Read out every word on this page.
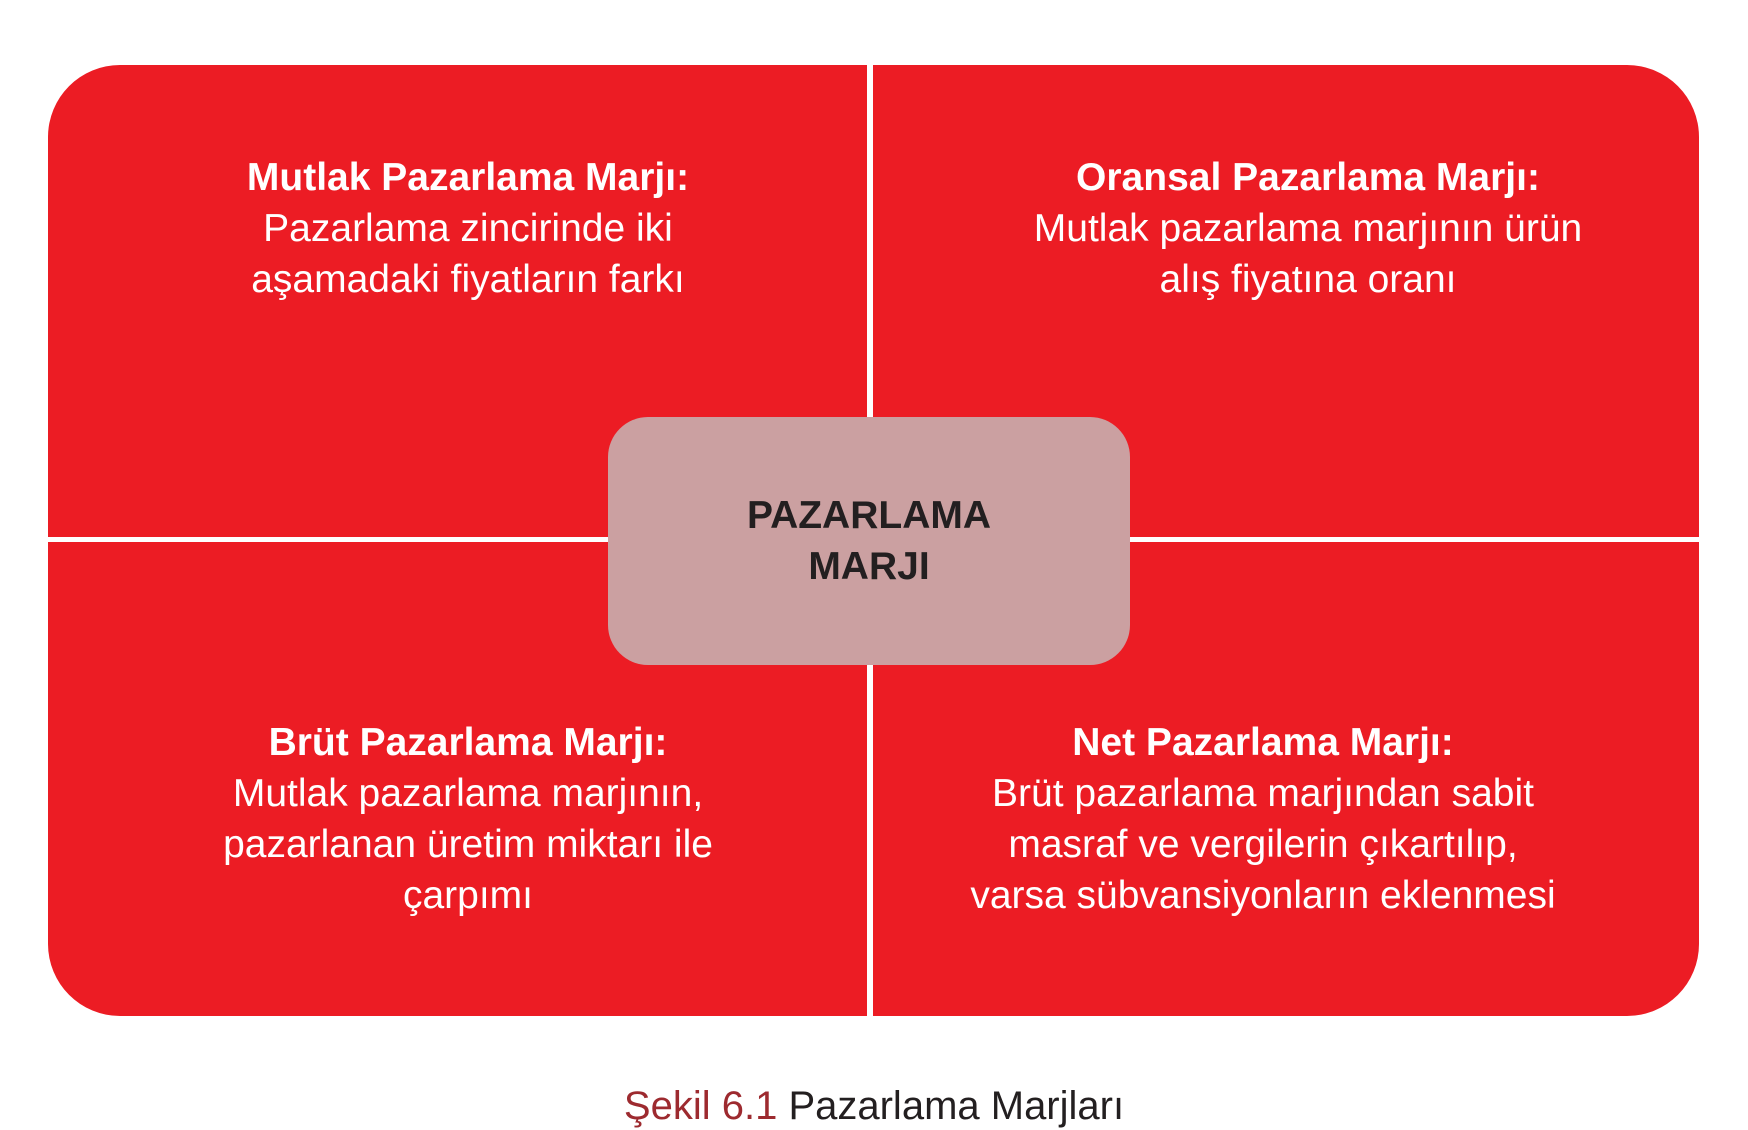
Mutlak Pazarlama Marjı:
Pazarlama zincirinde iki
aşamadaki fiyatların farkı
Oransal Pazarlama Marjı:
Mutlak pazarlama marjının ürün
alış fiyatına oranı
Brüt Pazarlama Marjı:
Mutlak pazarlama marjının,
pazarlanan üretim miktarı ile
çarpımı
Net Pazarlama Marjı:
Brüt pazarlama marjından sabit
masraf ve vergilerin çıkartılıp,
varsa sübvansiyonların eklenmesi
PAZARLAMA
MARJI
Şekil 6.1 Pazarlama Marjları
